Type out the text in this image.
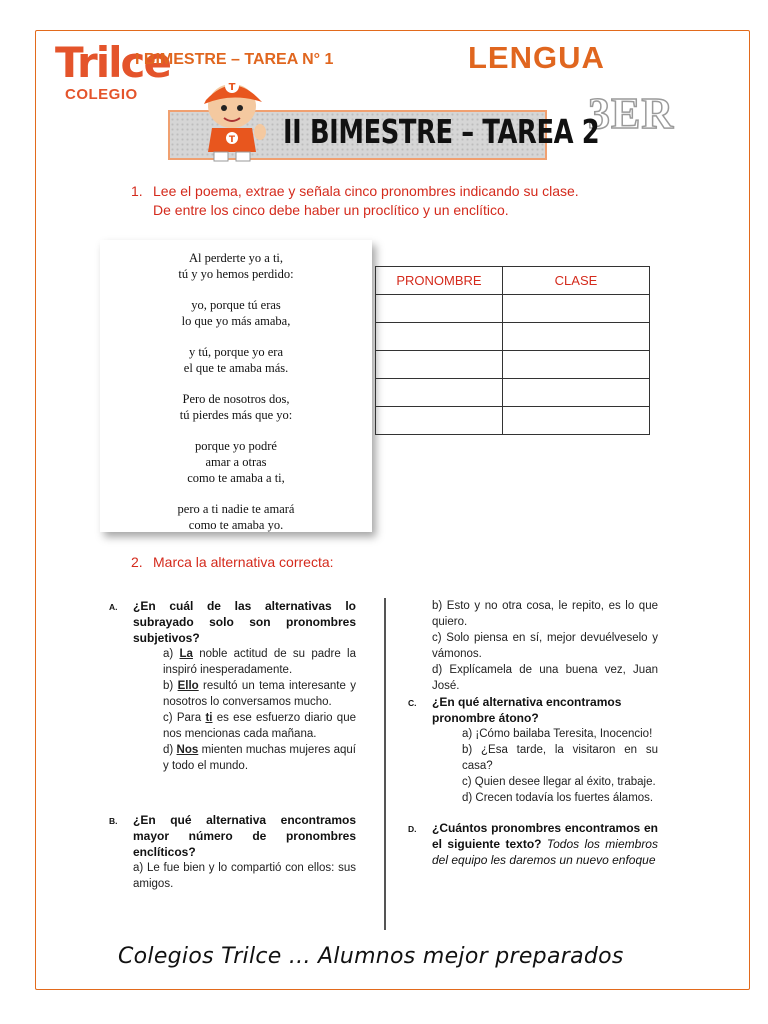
Trilce
COLEGIO
I BIMESTRE – TAREA N° 1	LENGUA
3ER
T
T II BIMESTRE – TAREA 2
1. Lee el poema, extrae y señala cinco pronombres indicando su clase.
De entre los cinco debe haber un proclítico y un enclítico.
Al perderte yo a ti,
tú y yo hemos perdido:
yo, porque tú eras
lo que yo más amaba,
y tú, porque yo era
el que te amaba más.
Pero de nosotros dos,
tú pierdes más que yo:
porque yo podré
amar a otras
como te amaba a ti,
pero a ti nadie te amará
como te amaba yo.
PRONOMBRE	CLASE

2. Marca la alternativa correcta:
A. ¿En cuál de las alternativas lo subrayado solo son pronombres subjetivos?
a) La noble actitud de su padre la inspiró inesperadamente.
b) Ello resultó un tema interesante y nosotros lo conversamos mucho.
c) Para ti es ese esfuerzo diario que nos mencionas cada mañana.
d) Nos mienten muchas mujeres aquí y todo el mundo.
B. ¿En qué alternativa encontramos mayor número de pronombres enclíticos?
a) Le fue bien y lo compartió con ellos: sus amigos.
b) Esto y no otra cosa, le repito, es lo que quiero.
c) Solo piensa en sí, mejor devuélveselo y vámonos.
d) Explícamela de una buena vez, Juan José.
C. ¿En qué alternativa encontramos pronombre átono?
a) ¡Cómo bailaba Teresita, Inocencio!
b) ¿Esa tarde, la visitaron en su casa?
c) Quien desee llegar al éxito, trabaje.
d) Crecen todavía los fuertes álamos.
D. ¿Cuántos pronombres encontramos en el siguiente texto? Todos los miembros del equipo les daremos un nuevo enfoque
Colegios Trilce ... Alumnos mejor preparados
